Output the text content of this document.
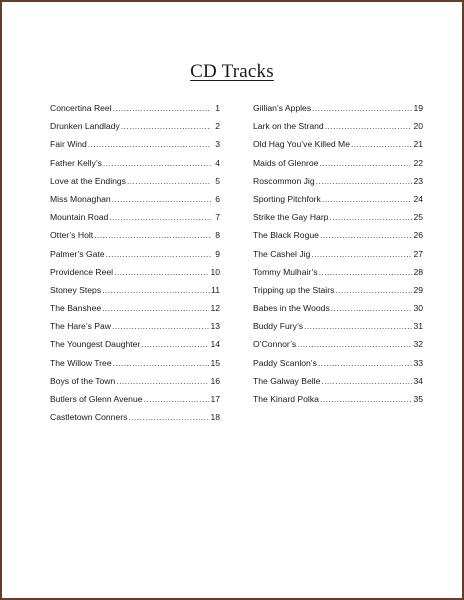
CD Tracks
Concertina Reel .....	1
Drunken Landlady .....	2
Fair Wind .....	3
Father Kelly’s .....	4
Love at the Endings .....	5
Miss Monaghan .....	6
Mountain Road .....	7
Otter’s Holt .....	8
Palmer’s Gate .....	9
Providence Reel .....	10
Stoney Steps .....	11
The Banshee .....	12
The Hare’s Paw .....	13
The Youngest Daughter .....	14
The Willow Tree .....	15
Boys of the Town .....	16
Butlers of Glenn Avenue .....	17
Castletown Conners .....	18
Gillian’s Apples .....	19
Lark on the Strand .....	20
Old Hag You’ve Killed Me .....	21
Maids of Glenroe .....	22
Roscommon Jig .....	23
Sporting Pitchfork .....	24
Strike the Gay Harp .....	25
The Black Rogue .....	26
The Cashel Jig .....	27
Tommy Mulhair’s .....	28
Tripping up the Stairs .....	29
Babes in the Woods .....	30
Buddy Fury’s .....	31
O’Connor’s .....	32
Paddy Scanlon’s .....	33
The Galway Belle .....	34
The Kinard Polka .....	35
